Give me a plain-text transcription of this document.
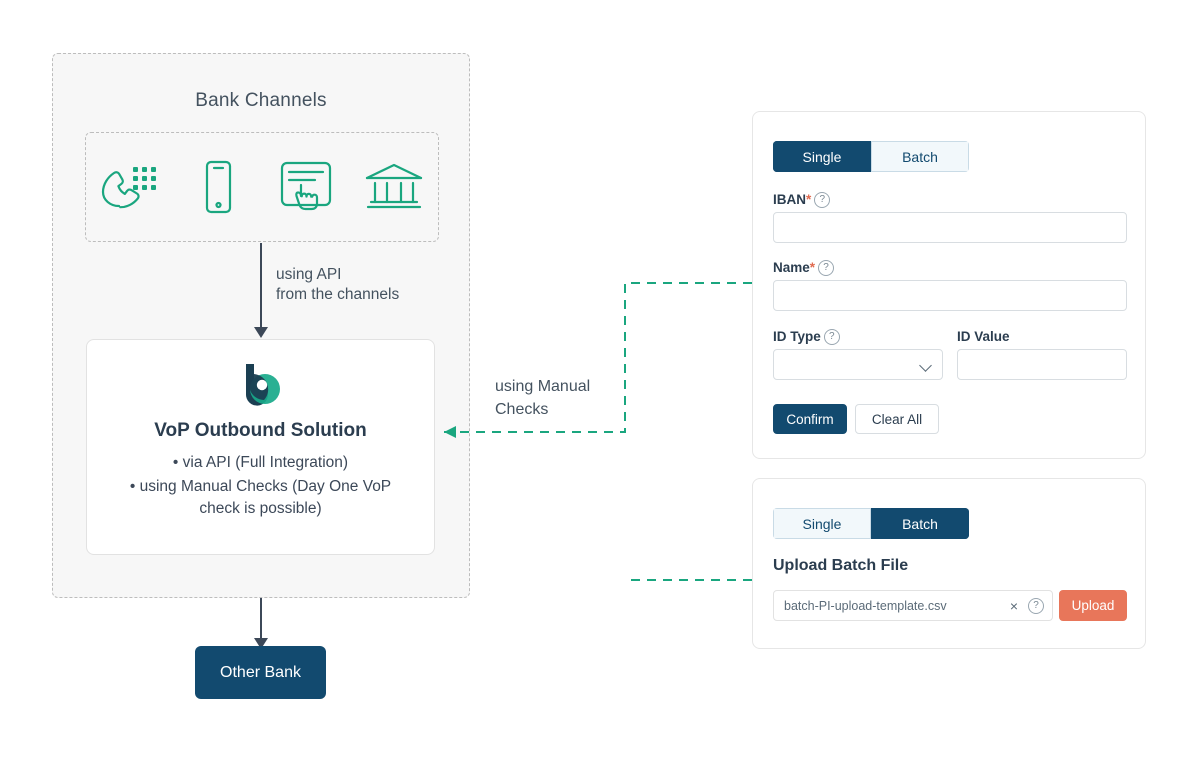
Bank Channels
using API
from the channels
VoP Outbound Solution
• via API (Full Integration)
• using Manual Checks (Day One VoP check is possible)
Other Bank
using Manual
Checks
Single	Batch
IBAN* ?
Name* ?
ID Type ?	ID Value
Confirm	Clear All
Single	Batch
Upload Batch File
batch-PI-upload-template.csv	×	?	Upload
